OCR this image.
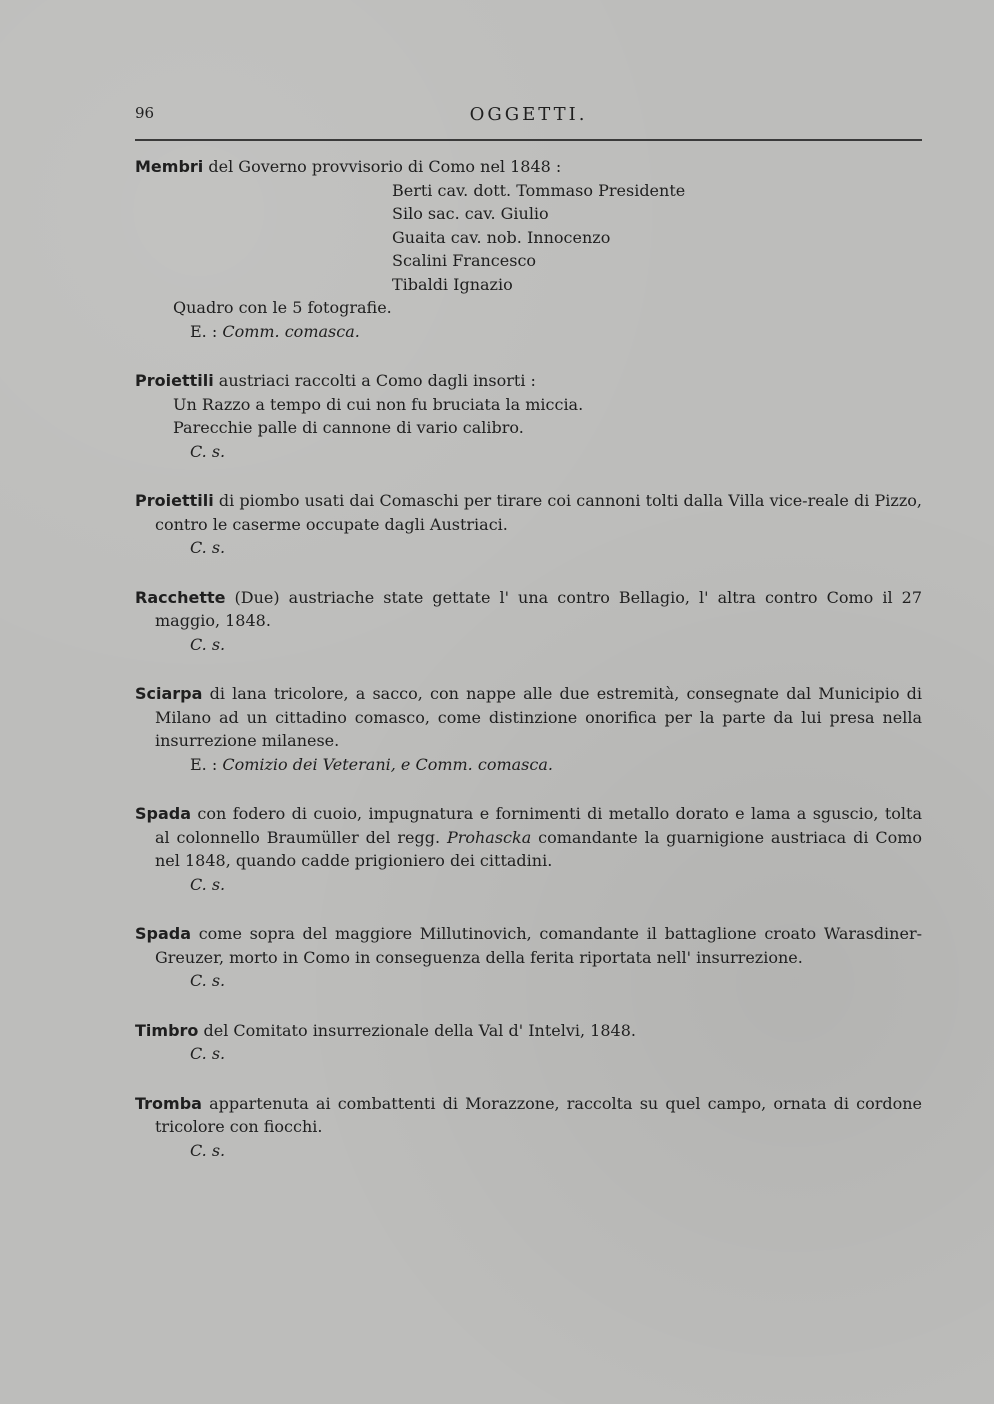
96	OGGETTI.
Membri del Governo provvisorio di Como nel 1848 :
Berti cav. dott. Tommaso Presidente
Silo sac. cav. Giulio
Guaita cav. nob. Innocenzo
Scalini Francesco
Tibaldi Ignazio
Quadro con le 5 fotografie.
E. : Comm. comasca.
Proiettili austriaci raccolti a Como dagli insorti :
Un Razzo a tempo di cui non fu bruciata la miccia.
Parecchie palle di cannone di vario calibro.
C. s.
Proiettili di piombo usati dai Comaschi per tirare coi cannoni tolti dalla Villa vice-reale di Pizzo, contro le caserme occupate dagli Austriaci.
C. s.
Racchette (Due) austriache state gettate l' una contro Bellagio, l' altra contro Como il 27 maggio, 1848.
C. s.
Sciarpa di lana tricolore, a sacco, con nappe alle due estremità, consegnate dal Municipio di Milano ad un cittadino comasco, come distinzione onorifica per la parte da lui presa nella insurrezione milanese.
E. : Comizio dei Veterani, e Comm. comasca.
Spada con fodero di cuoio, impugnatura e fornimenti di metallo dorato e lama a sguscio, tolta al colonnello Braumüller del regg. Prohascka comandante la guarnigione austriaca di Como nel 1848, quando cadde prigioniero dei cittadini.
C. s.
Spada come sopra del maggiore Millutinovich, comandante il battaglione croato Warasdiner-Greuzer, morto in Como in conseguenza della ferita riportata nell' insurrezione.
C. s.
Timbro del Comitato insurrezionale della Val d' Intelvi, 1848.
C. s.
Tromba appartenuta ai combattenti di Morazzone, raccolta su quel campo, ornata di cordone tricolore con fiocchi.
C. s.
